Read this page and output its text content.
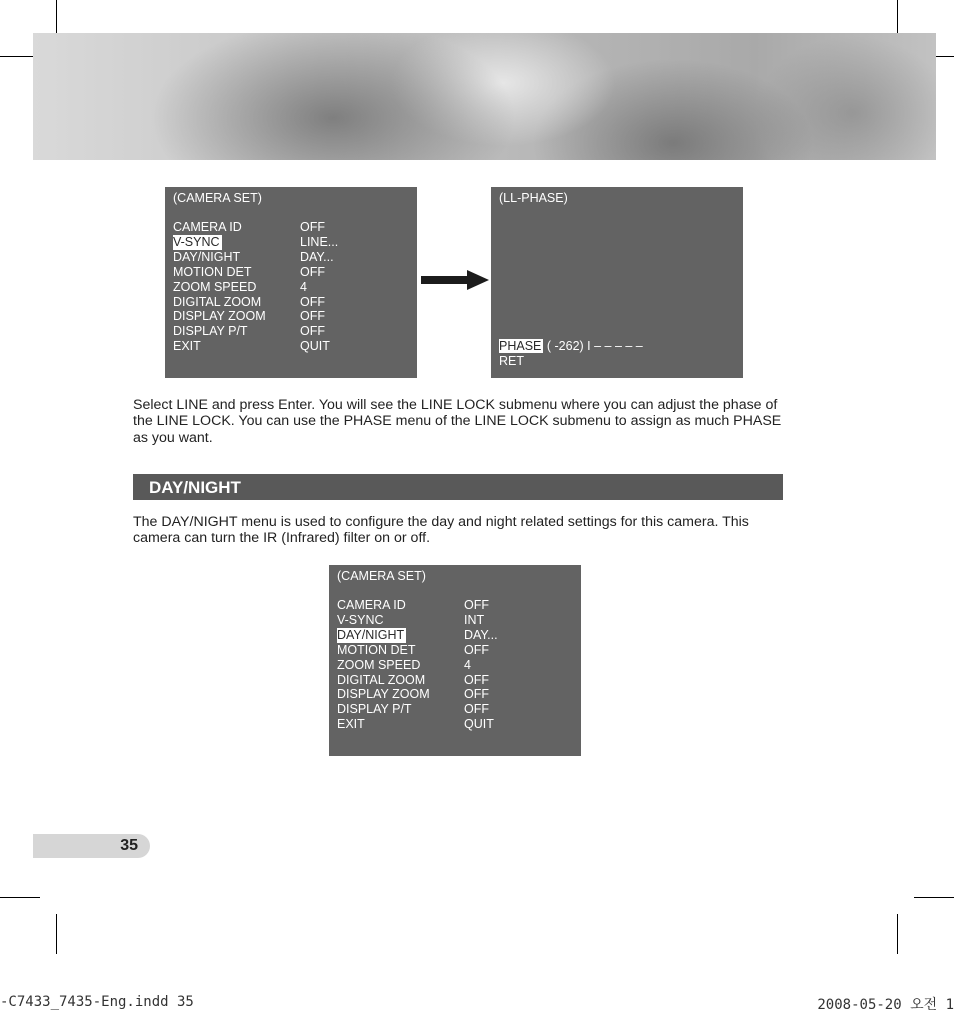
(CAMERA SET)
CAMERA ID	OFF
V-SYNC	LINE...
DAY/NIGHT	DAY...
MOTION DET	OFF
ZOOM SPEED	4
DIGITAL ZOOM	OFF
DISPLAY ZOOM	OFF
DISPLAY P/T	OFF
EXIT	QUIT
(LL-PHASE)
PHASE ( -262) I – – – – –
RET

Select LINE and press Enter. You will see the LINE LOCK submenu where you can adjust the phase of the LINE LOCK. You can use the PHASE menu of the LINE LOCK submenu to assign as much PHASE as you want.

DAY/NIGHT

The DAY/NIGHT menu is used to configure the day and night related settings for this camera. This camera can turn the IR (Infrared) filter on or off.

(CAMERA SET)
CAMERA ID	OFF
V-SYNC	INT
DAY/NIGHT	DAY...
MOTION DET	OFF
ZOOM SPEED	4
DIGITAL ZOOM	OFF
DISPLAY ZOOM	OFF
DISPLAY P/T	OFF
EXIT	QUIT
35
-C7433_7435-Eng.indd 35	2008-05-20 오전 1
